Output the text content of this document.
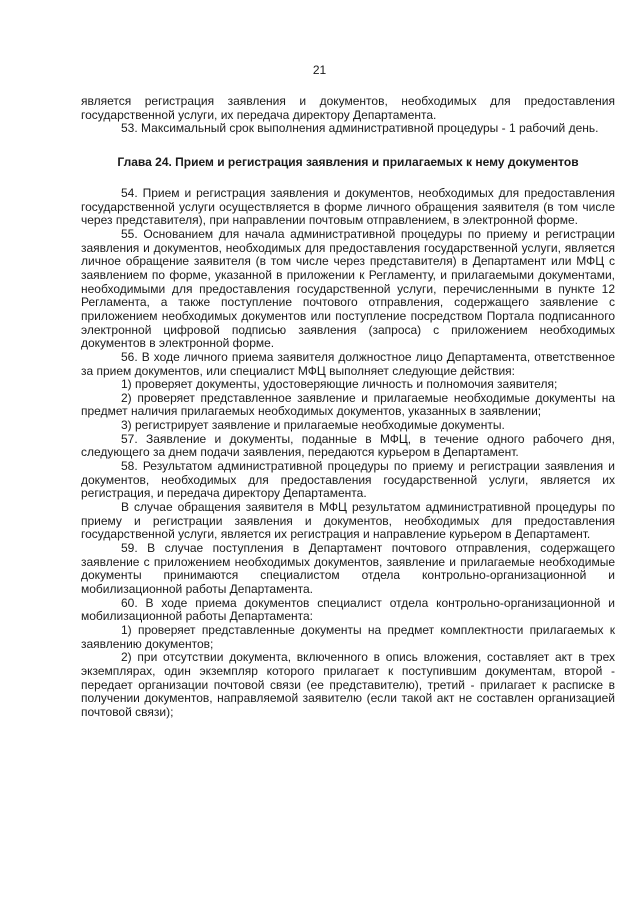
21

является регистрация заявления и документов, необходимых для предоставления государственной услуги, их передача директору Департамента.

53. Максимальный срок выполнения административной процедуры - 1 рабочий день.

Глава 24. Прием и регистрация заявления и прилагаемых к нему документов

54. Прием и регистрация заявления и документов, необходимых для предоставления государственной услуги осуществляется в форме личного обращения заявителя (в том числе через представителя), при направлении почтовым отправлением, в электронной форме.

55. Основанием для начала административной процедуры по приему и регистрации заявления и документов, необходимых для предоставления государственной услуги, является личное обращение заявителя (в том числе через представителя) в Департамент или МФЦ с заявлением по форме, указанной в приложении к Регламенту, и прилагаемыми документами, необходимыми для предоставления государственной услуги, перечисленными в пункте 12 Регламента, а также поступление почтового отправления, содержащего заявление с приложением необходимых документов или поступление посредством Портала подписанного электронной цифровой подписью заявления (запроса) с приложением необходимых документов в электронной форме.

56. В ходе личного приема заявителя должностное лицо Департамента, ответственное за прием документов, или специалист МФЦ выполняет следующие действия:

1) проверяет документы, удостоверяющие личность и полномочия заявителя;

2) проверяет представленное заявление и прилагаемые необходимые документы на предмет наличия прилагаемых необходимых документов, указанных в заявлении;

3) регистрирует заявление и прилагаемые необходимые документы.

57. Заявление и документы, поданные в МФЦ, в течение одного рабочего дня, следующего за днем подачи заявления, передаются курьером в Департамент.

58. Результатом административной процедуры по приему и регистрации заявления и документов, необходимых для предоставления государственной услуги, является их регистрация, и передача директору Департамента.

В случае обращения заявителя в МФЦ результатом административной процедуры по приему и регистрации заявления и документов, необходимых для предоставления государственной услуги, является их регистрация и направление курьером в Департамент.

59. В случае поступления в Департамент почтового отправления, содержащего заявление с приложением необходимых документов, заявление и прилагаемые необходимые документы принимаются специалистом отдела контрольно-организационной и мобилизационной работы Департамента.

60. В ходе приема документов специалист отдела контрольно-организационной и мобилизационной работы Департамента:

1) проверяет представленные документы на предмет комплектности прилагаемых к заявлению документов;

2) при отсутствии документа, включенного в опись вложения, составляет акт в трех экземплярах, один экземпляр которого прилагает к поступившим документам, второй - передает организации почтовой связи (ее представителю), третий - прилагает к расписке в получении документов, направляемой заявителю (если такой акт не составлен организацией почтовой связи);
